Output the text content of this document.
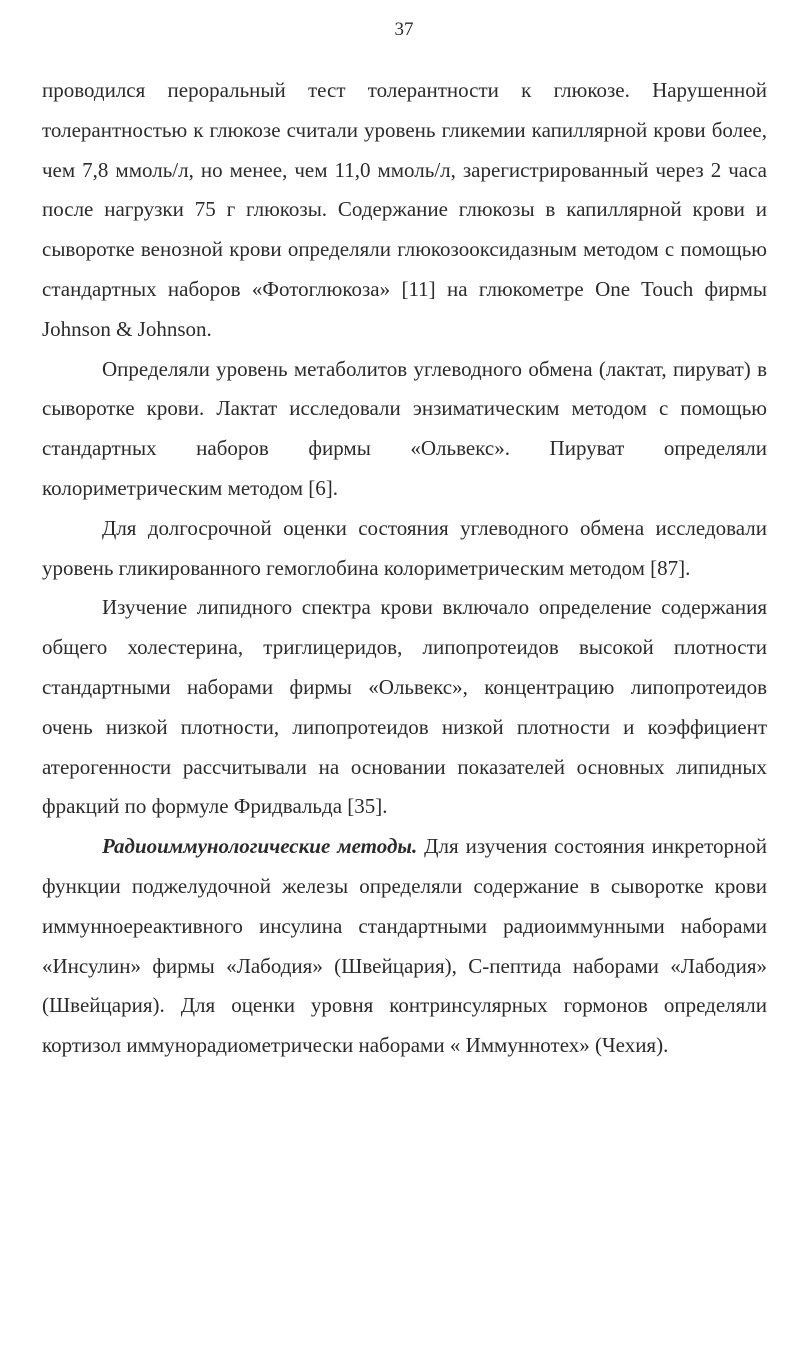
37

проводился пероральный тест толерантности к глюкозе. Нарушенной толерантностью к глюкозе считали уровень гликемии капиллярной крови более, чем 7,8 ммоль/л, но менее, чем 11,0 ммоль/л, зарегистрированный через 2 часа после нагрузки 75 г глюкозы. Содержание глюкозы в капиллярной крови и сыворотке венозной крови определяли глюкозооксидазным методом с помощью стандартных наборов «Фотоглюкоза» [11] на глюкометре One Touch фирмы Johnson & Johnson.

Определяли уровень метаболитов углеводного обмена (лактат, пируват) в сыворотке крови. Лактат исследовали энзиматическим методом с помощью стандартных наборов фирмы «Ольвекс». Пируват определяли колориметрическим методом [6].

Для долгосрочной оценки состояния углеводного обмена исследовали уровень гликированного гемоглобина колориметрическим методом [87].

Изучение липидного спектра крови включало определение содержания общего холестерина, триглицеридов, липопротеидов высокой плотности стандартными наборами фирмы «Ольвекс», концентрацию липопротеидов очень низкой плотности, липопротеидов низкой плотности и коэффициент атерогенности рассчитывали на основании показателей основных липидных фракций по формуле Фридвальда [35].

Радиоиммунологические методы. Для изучения состояния инкреторной функции поджелудочной железы определяли содержание в сыворотке крови иммунноереактивного инсулина стандартными радиоиммунными наборами «Инсулин» фирмы «Лабодия» (Швейцария), С-пептида наборами «Лабодия» (Швейцария). Для оценки уровня контринсулярных гормонов определяли кортизол иммунорадиометрически наборами « Иммуннотех» (Чехия).
